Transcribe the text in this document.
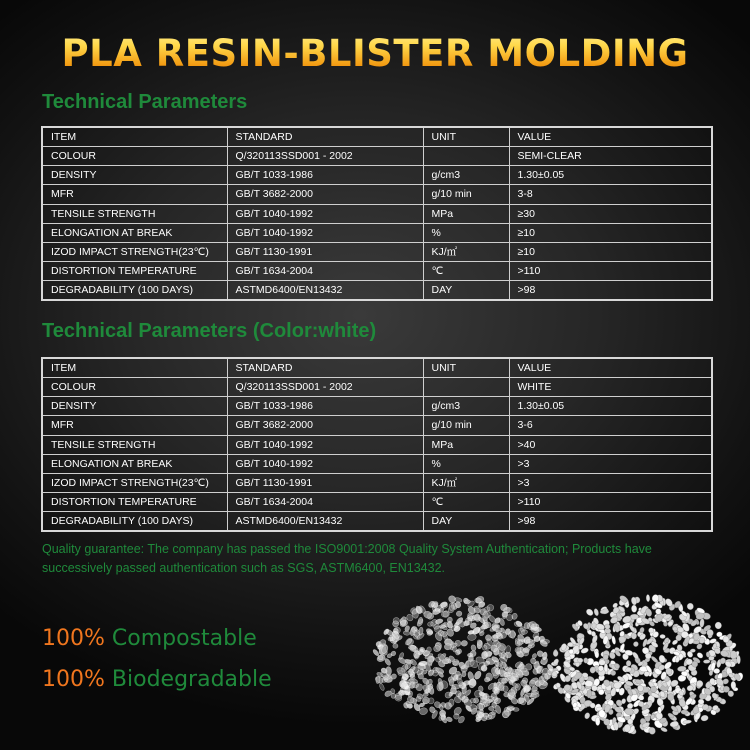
PLA RESIN-BLISTER MOLDING
Technical Parameters
ITEM	STANDARD	UNIT	VALUE
COLOUR	Q/320113SSD001 - 2002		SEMI-CLEAR
DENSITY	GB/T 1033-1986	g/cm3	1.30±0.05
MFR	GB/T 3682-2000	g/10 min	3-8
TENSILE STRENGTH	GB/T 1040-1992	MPa	≥30
ELONGATION AT BREAK	GB/T 1040-1992	%	≥10
IZOD IMPACT STRENGTH(23℃)	GB/T 1130-1991	KJ/㎡	≥10
DISTORTION TEMPERATURE	GB/T 1634-2004	℃	>110
DEGRADABILITY (100 DAYS)	ASTMD6400/EN13432	DAY	>98
Technical Parameters (Color:white)
ITEM	STANDARD	UNIT	VALUE
COLOUR	Q/320113SSD001 - 2002		WHITE
DENSITY	GB/T 1033-1986	g/cm3	1.30±0.05
MFR	GB/T 3682-2000	g/10 min	3-6
TENSILE STRENGTH	GB/T 1040-1992	MPa	>40
ELONGATION AT BREAK	GB/T 1040-1992	%	>3
IZOD IMPACT STRENGTH(23℃)	GB/T 1130-1991	KJ/㎡	>3
DISTORTION TEMPERATURE	GB/T 1634-2004	℃	>110
DEGRADABILITY (100 DAYS)	ASTMD6400/EN13432	DAY	>98
Quality guarantee: The company has passed the ISO9001:2008 Quality System Authentication; Products have successively passed authentication such as SGS, ASTM6400, EN13432.
100% Compostable
100% Biodegradable
